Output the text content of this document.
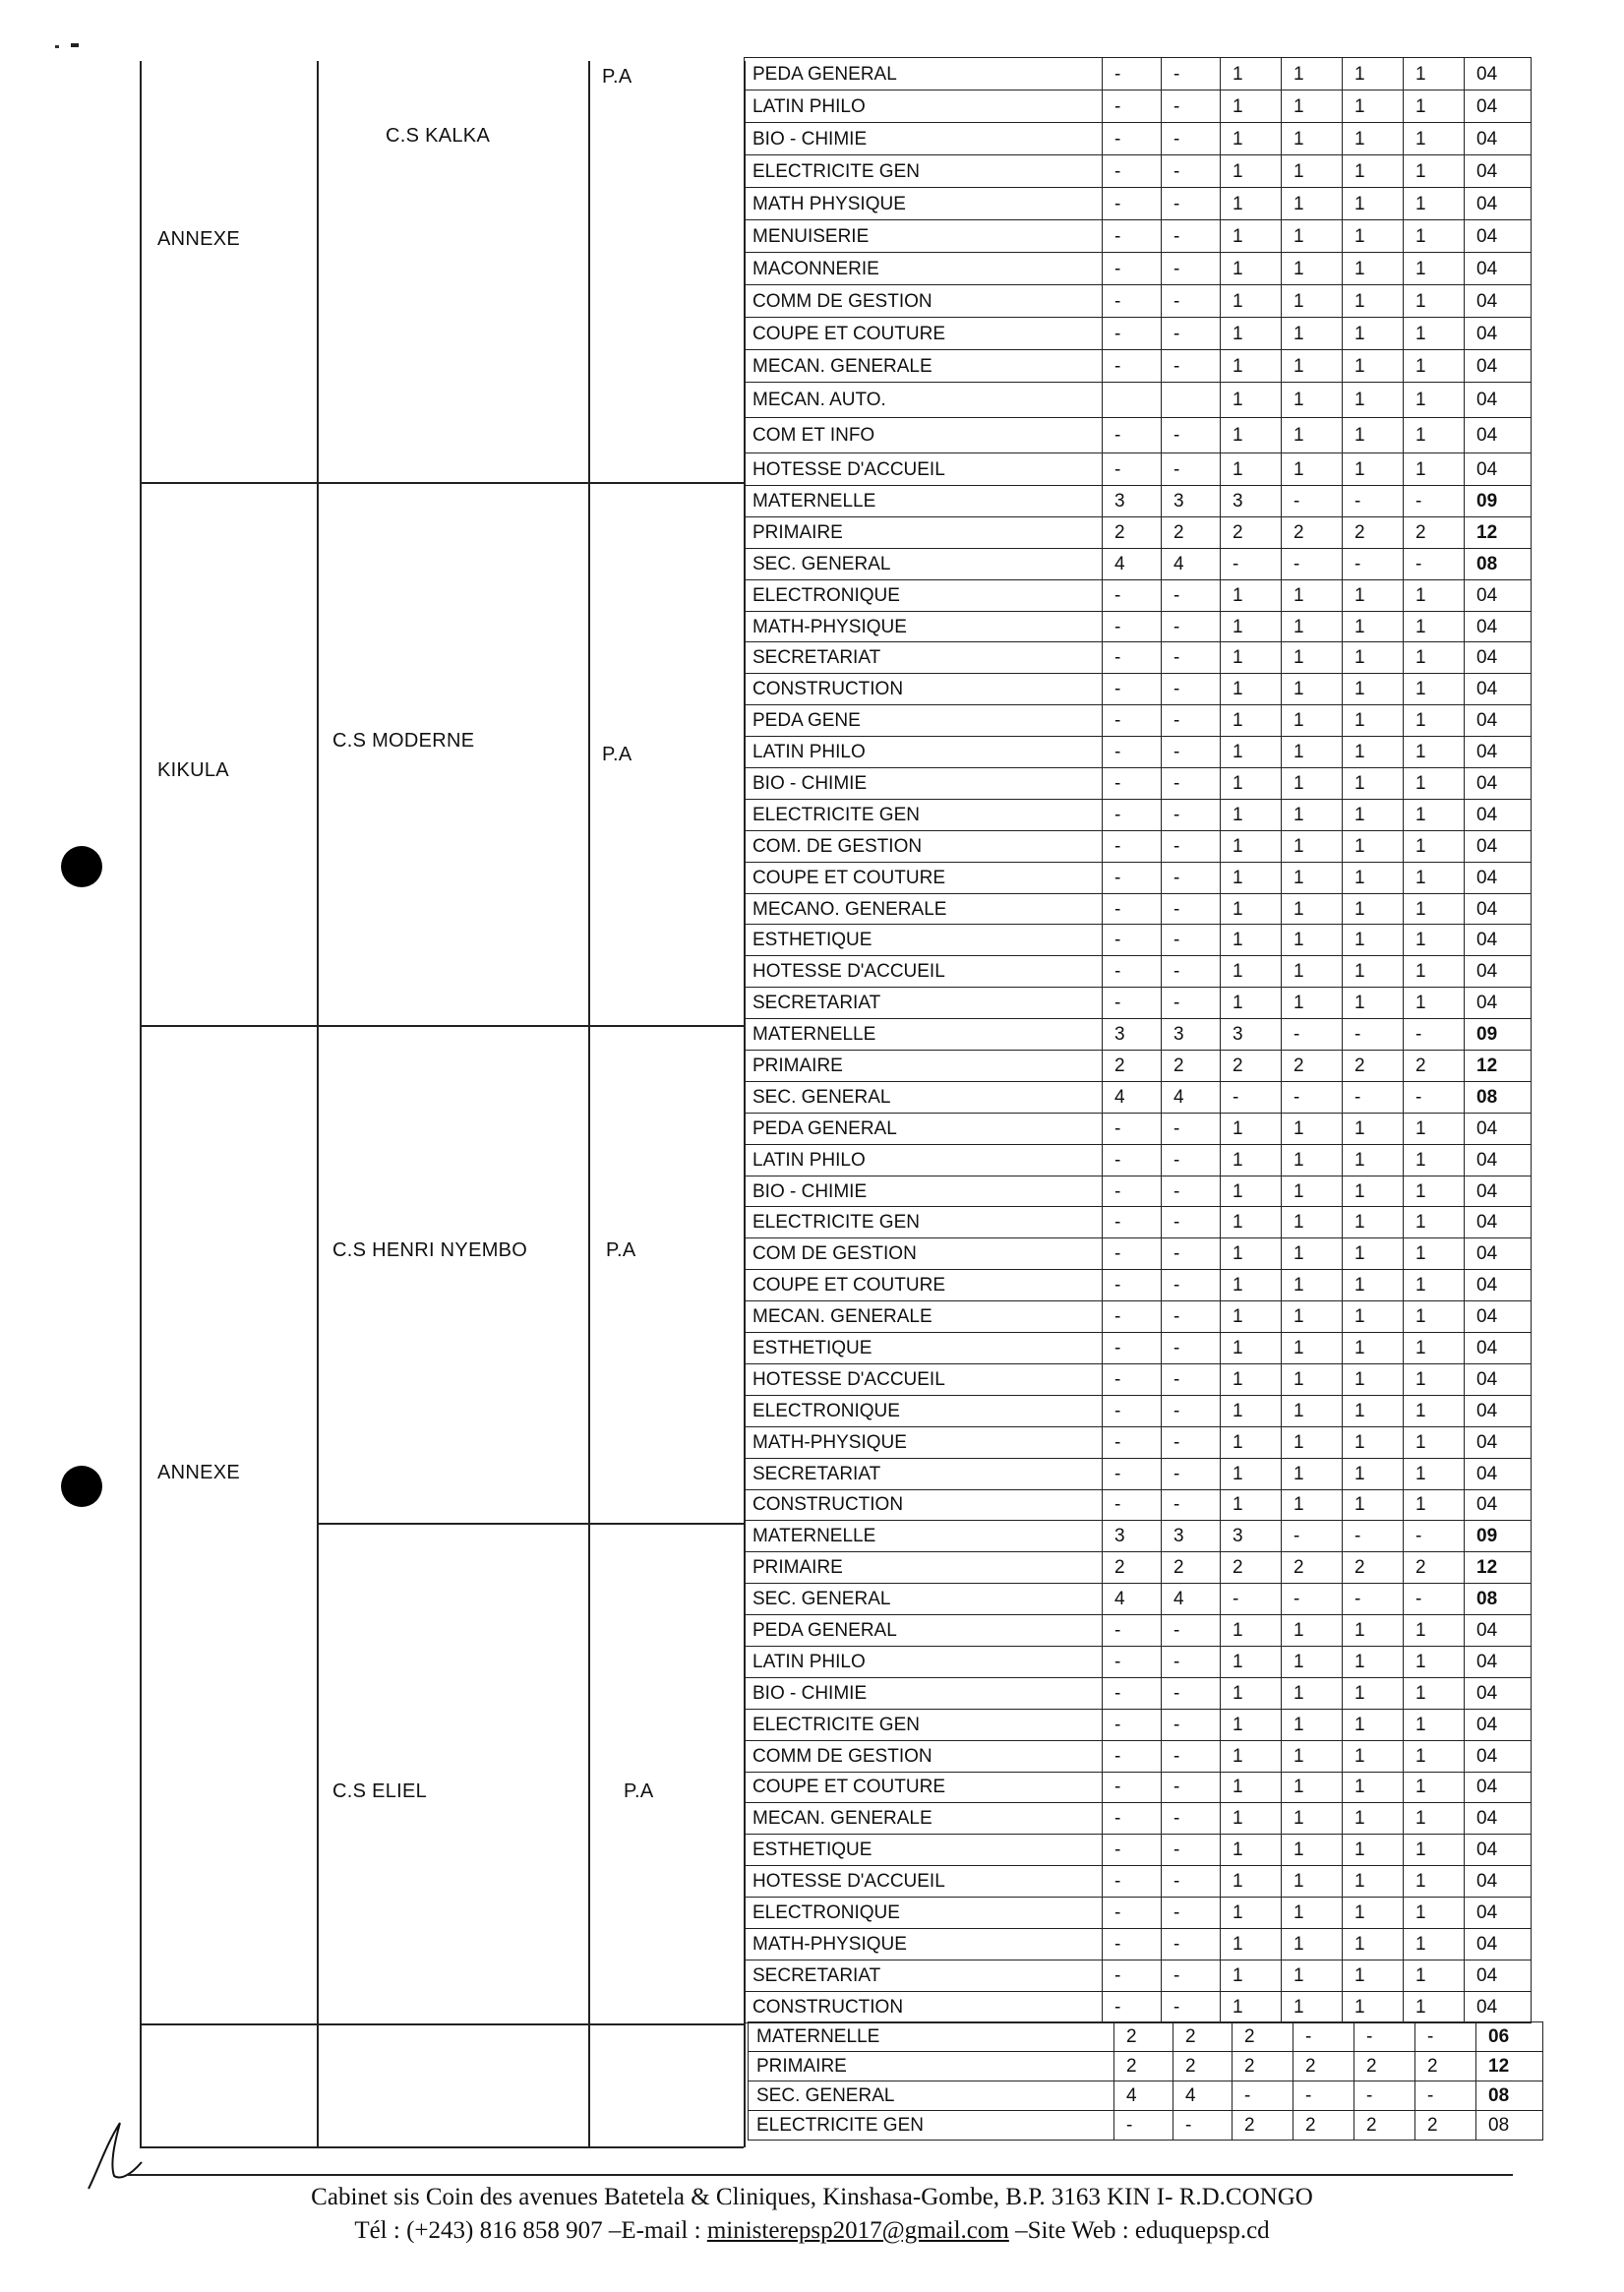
ANNEXE
C.S KALKA
P.A
KIKULA
C.S MODERNE
P.A
ANNEXE
C.S HENRI NYEMBO	P.A
C.S ELIEL	P.A
PEDA GENERAL	-	-	1	1	1	1	04
LATIN PHILO	-	-	1	1	1	1	04
BIO - CHIMIE	-	-	1	1	1	1	04
ELECTRICITE GEN	-	-	1	1	1	1	04
MATH PHYSIQUE	-	-	1	1	1	1	04
MENUISERIE	-	-	1	1	1	1	04
MACONNERIE	-	-	1	1	1	1	04
COMM DE GESTION	-	-	1	1	1	1	04
COUPE ET COUTURE	-	-	1	1	1	1	04
MECAN. GENERALE	-	-	1	1	1	1	04
MECAN. AUTO.			1	1	1	1	04
COM ET INFO	-	-	1	1	1	1	04
HOTESSE D'ACCUEIL	-	-	1	1	1	1	04
MATERNELLE	3	3	3	-	-	-	09
PRIMAIRE	2	2	2	2	2	2	12
SEC. GENERAL	4	4	-	-	-	-	08
ELECTRONIQUE	-	-	1	1	1	1	04
MATH-PHYSIQUE	-	-	1	1	1	1	04
SECRETARIAT	-	-	1	1	1	1	04
CONSTRUCTION	-	-	1	1	1	1	04
PEDA GENE	-	-	1	1	1	1	04
LATIN PHILO	-	-	1	1	1	1	04
BIO - CHIMIE	-	-	1	1	1	1	04
ELECTRICITE GEN	-	-	1	1	1	1	04
COM. DE GESTION	-	-	1	1	1	1	04
COUPE ET COUTURE	-	-	1	1	1	1	04
MECANO. GENERALE	-	-	1	1	1	1	04
ESTHETIQUE	-	-	1	1	1	1	04
HOTESSE D'ACCUEIL	-	-	1	1	1	1	04
SECRETARIAT	-	-	1	1	1	1	04
MATERNELLE	3	3	3	-	-	-	09
PRIMAIRE	2	2	2	2	2	2	12
SEC. GENERAL	4	4	-	-	-	-	08
PEDA GENERAL	-	-	1	1	1	1	04
LATIN PHILO	-	-	1	1	1	1	04
BIO - CHIMIE	-	-	1	1	1	1	04
ELECTRICITE GEN	-	-	1	1	1	1	04
COM DE GESTION	-	-	1	1	1	1	04
COUPE ET COUTURE	-	-	1	1	1	1	04
MECAN. GENERALE	-	-	1	1	1	1	04
ESTHETIQUE	-	-	1	1	1	1	04
HOTESSE D'ACCUEIL	-	-	1	1	1	1	04
ELECTRONIQUE	-	-	1	1	1	1	04
MATH-PHYSIQUE	-	-	1	1	1	1	04
SECRETARIAT	-	-	1	1	1	1	04
CONSTRUCTION	-	-	1	1	1	1	04
MATERNELLE	3	3	3	-	-	-	09
PRIMAIRE	2	2	2	2	2	2	12
SEC. GENERAL	4	4	-	-	-	-	08
PEDA GENERAL	-	-	1	1	1	1	04
LATIN PHILO	-	-	1	1	1	1	04
BIO - CHIMIE	-	-	1	1	1	1	04
ELECTRICITE GEN	-	-	1	1	1	1	04
COMM DE GESTION	-	-	1	1	1	1	04
COUPE ET COUTURE	-	-	1	1	1	1	04
MECAN. GENERALE	-	-	1	1	1	1	04
ESTHETIQUE	-	-	1	1	1	1	04
HOTESSE D'ACCUEIL	-	-	1	1	1	1	04
ELECTRONIQUE	-	-	1	1	1	1	04
MATH-PHYSIQUE	-	-	1	1	1	1	04
SECRETARIAT	-	-	1	1	1	1	04
CONSTRUCTION	-	-	1	1	1	1	04
MATERNELLE	2	2	2	-	-	-	06
PRIMAIRE	2	2	2	2	2	2	12
SEC. GENERAL	4	4	-	-	-	-	08
ELECTRICITE GEN	-	-	2	2	2	2	08
Cabinet sis Coin des avenues Batetela & Cliniques, Kinshasa-Gombe, B.P. 3163 KIN I- R.D.CONGO
Tél : (+243) 816 858 907 –E-mail : ministerepsp2017@gmail.com –Site Web : eduquepsp.cd
